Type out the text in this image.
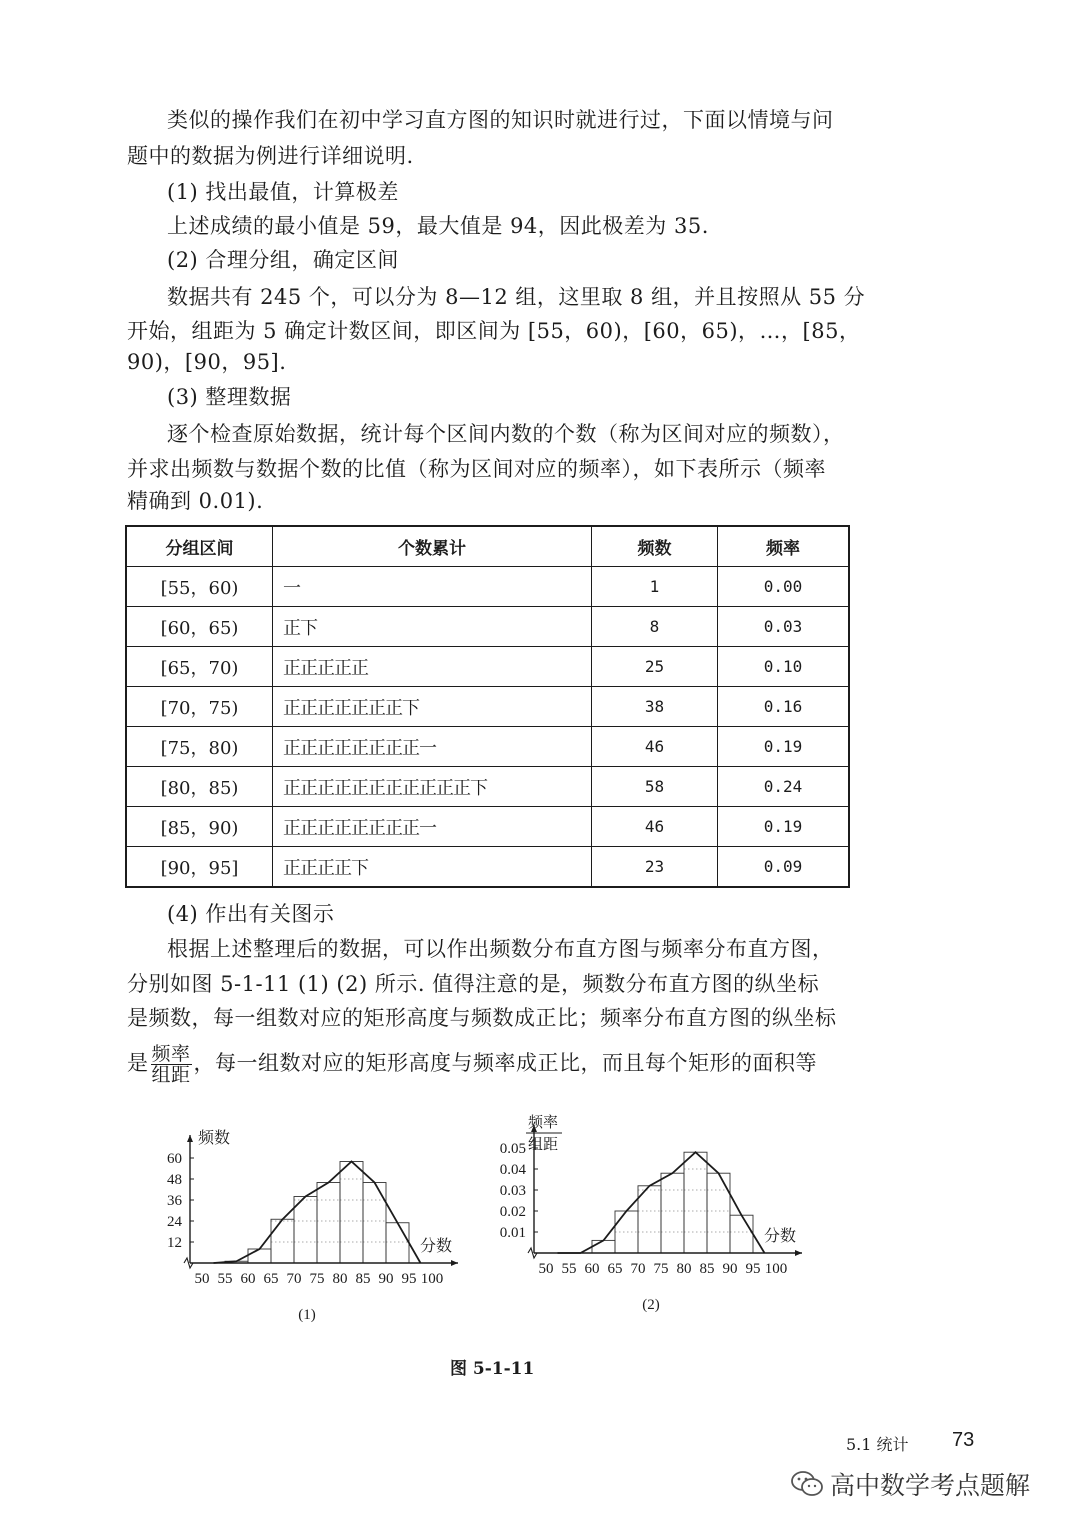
类似的操作我们在初中学习直方图的知识时就进行过，下面以情境与问
题中的数据为例进行详细说明.
(1) 找出最值，计算极差
上述成绩的最小值是 59，最大值是 94，因此极差为 35.
(2) 合理分组，确定区间
数据共有 245 个，可以分为 8—12 组，这里取 8 组，并且按照从 55 分
开始，组距为 5 确定计数区间，即区间为 [55，60)，[60，65)，…，[85，
90)，[90，95].
(3) 整理数据
逐个检查原始数据，统计每个区间内数的个数（称为区间对应的频数），
并求出频数与数据个数的比值（称为区间对应的频率），如下表所示（频率
精确到 0.01).
分组区间	个数累计	频数	频率
[55，60)	一	1	0.00
[60，65)	正下	8	0.03
[65，70)	正正正正正	25	0.10
[70，75)	正正正正正正正下	38	0.16
[75，80)	正正正正正正正正一	46	0.19
[80，85)	正正正正正正正正正正正下	58	0.24
[85，90)	正正正正正正正正一	46	0.19
[90，95]	正正正正下	23	0.09
(4) 作出有关图示
根据上述整理后的数据，可以作出频数分布直方图与频率分布直方图，
分别如图 5-1-11 (1) (2) 所示. 值得注意的是，频数分布直方图的纵坐标
是频数，每一组数对应的矩形高度与频数成正比；频率分布直方图的纵坐标
是 $\frac{\text{频率}}{\text{组距}}$ ，每一组数对应的矩形高度与频率成正比，而且每个矩形的面积等
12
24
36
48
60
50 55 60 65 70 75 80 85 90 95 100
分数
频数
(1)
0.01
0.02
0.03
0.04
0.05
50 55 60 65 70 75 80 85 90 95 100
分数
频率
组距
(2)
图 5-1-11
5.1 统计 73
高中数学考点题解
